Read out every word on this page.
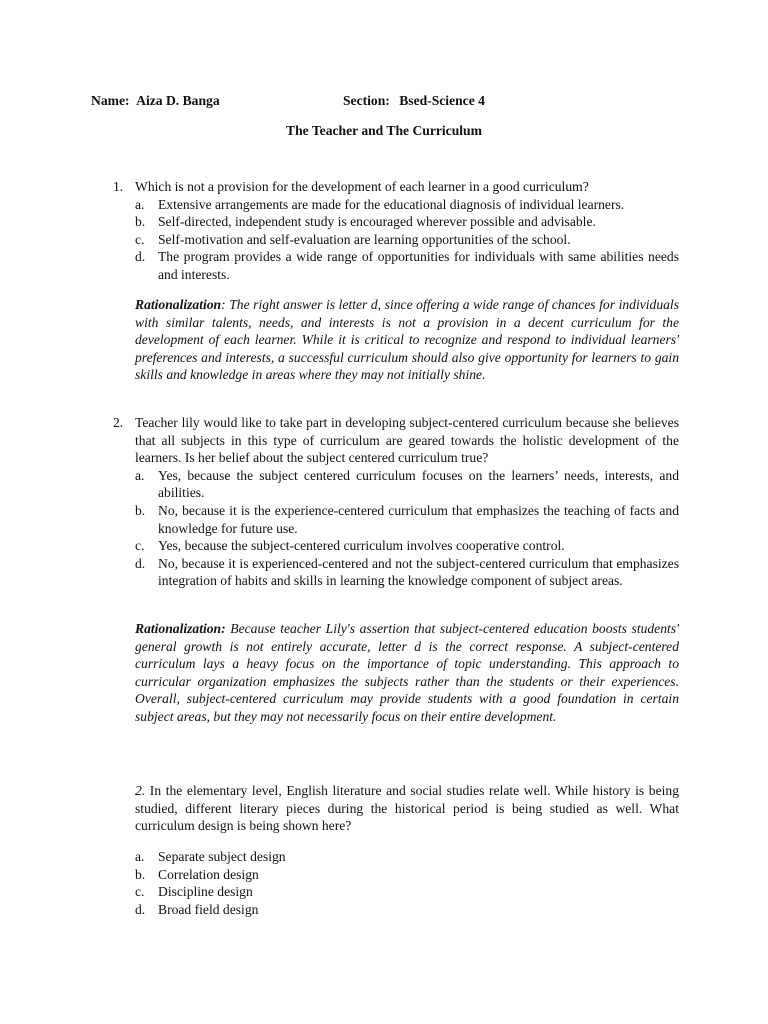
Name: Aiza D. Banga	Section: Bsed-Science 4
The Teacher and The Curriculum
1. Which is not a provision for the development of each learner in a good curriculum?
a. Extensive arrangements are made for the educational diagnosis of individual learners.
b. Self-directed, independent study is encouraged wherever possible and advisable.
c. Self-motivation and self-evaluation are learning opportunities of the school.
d. The program provides a wide range of opportunities for individuals with same abilities needs and interests.
Rationalization: The right answer is letter d, since offering a wide range of chances for individuals with similar talents, needs, and interests is not a provision in a decent curriculum for the development of each learner. While it is critical to recognize and respond to individual learners' preferences and interests, a successful curriculum should also give opportunity for learners to gain skills and knowledge in areas where they may not initially shine.
2. Teacher lily would like to take part in developing subject-centered curriculum because she believes that all subjects in this type of curriculum are geared towards the holistic development of the learners. Is her belief about the subject centered curriculum true?
a. Yes, because the subject centered curriculum focuses on the learners’ needs, interests, and abilities.
b. No, because it is the experience-centered curriculum that emphasizes the teaching of facts and knowledge for future use.
c. Yes, because the subject-centered curriculum involves cooperative control.
d. No, because it is experienced-centered and not the subject-centered curriculum that emphasizes integration of habits and skills in learning the knowledge component of subject areas.
Rationalization: Because teacher Lily's assertion that subject-centered education boosts students' general growth is not entirely accurate, letter d is the correct response. A subject-centered curriculum lays a heavy focus on the importance of topic understanding. This approach to curricular organization emphasizes the subjects rather than the students or their experiences. Overall, subject-centered curriculum may provide students with a good foundation in certain subject areas, but they may not necessarily focus on their entire development.
2. In the elementary level, English literature and social studies relate well. While history is being studied, different literary pieces during the historical period is being studied as well. What curriculum design is being shown here?
a. Separate subject design
b. Correlation design
c. Discipline design
d. Broad field design
